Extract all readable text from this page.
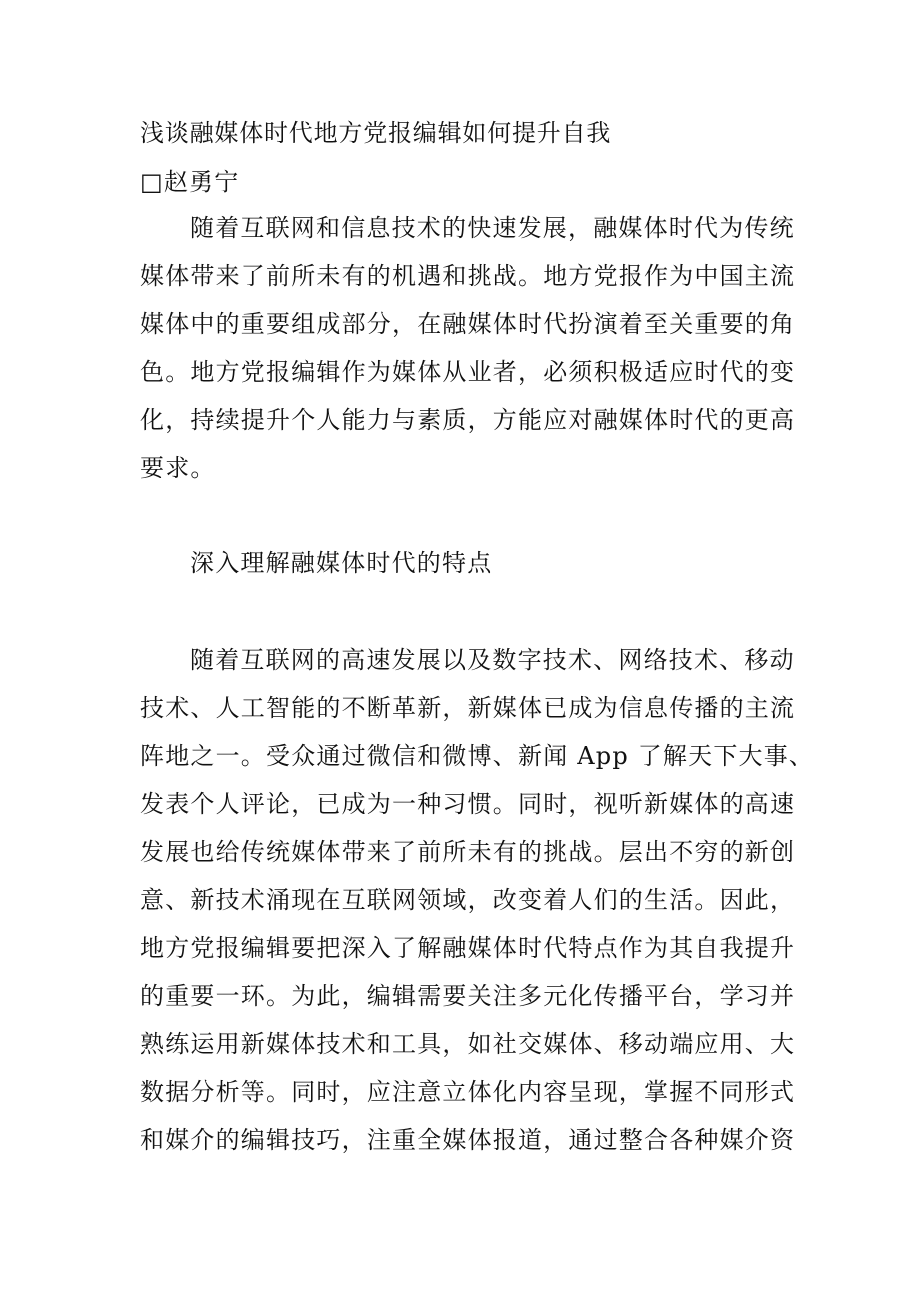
浅谈融媒体时代地方党报编辑如何提升自我
□赵勇宁
随着互联网和信息技术的快速发展，融媒体时代为传统
媒体带来了前所未有的机遇和挑战。地方党报作为中国主流
媒体中的重要组成部分，在融媒体时代扮演着至关重要的角
色。地方党报编辑作为媒体从业者，必须积极适应时代的变
化，持续提升个人能力与素质，方能应对融媒体时代的更高
要求。
深入理解融媒体时代的特点
随着互联网的高速发展以及数字技术、网络技术、移动
技术、人工智能的不断革新，新媒体已成为信息传播的主流
阵地之一。受众通过微信和微博、新闻 App 了解天下大事、
发表个人评论，已成为一种习惯。同时，视听新媒体的高速
发展也给传统媒体带来了前所未有的挑战。层出不穷的新创
意、新技术涌现在互联网领域，改变着人们的生活。因此，
地方党报编辑要把深入了解融媒体时代特点作为其自我提升
的重要一环。为此，编辑需要关注多元化传播平台，学习并
熟练运用新媒体技术和工具，如社交媒体、移动端应用、大
数据分析等。同时，应注意立体化内容呈现，掌握不同形式
和媒介的编辑技巧，注重全媒体报道，通过整合各种媒介资
